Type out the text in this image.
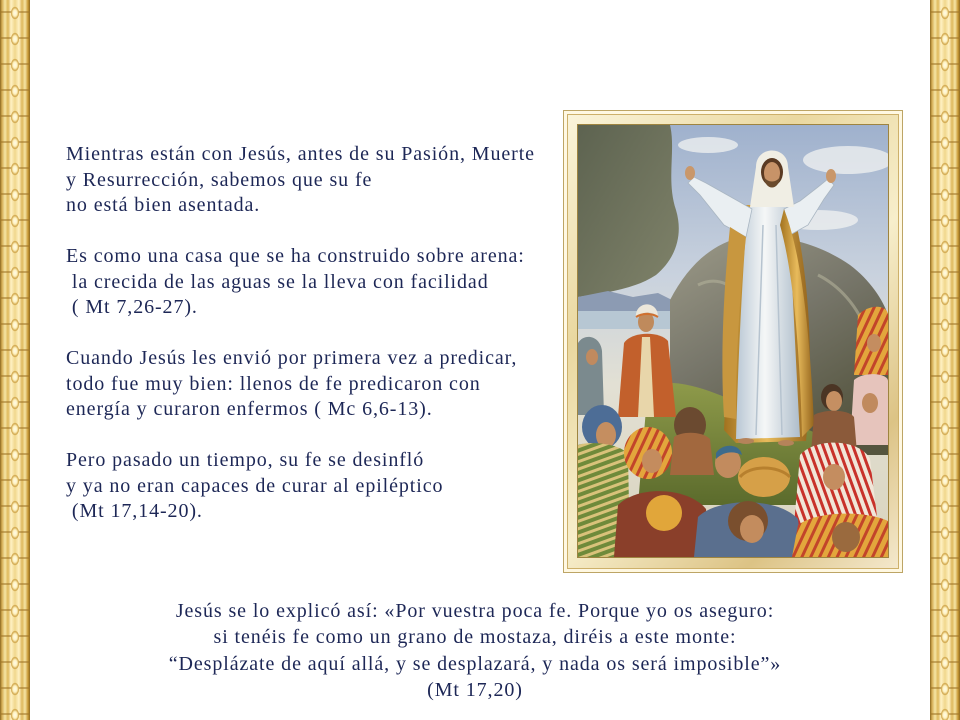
Mientras están con Jesús, antes de su Pasión, Muerte
y Resurrección, sabemos que su fe
no está bien asentada.
Es como una casa que se ha construido sobre arena:
la crecida de las aguas se la lleva con facilidad
( Mt 7,26-27).
Cuando Jesús les envió por primera vez a predicar,
todo fue muy bien: llenos de fe predicaron con
energía y curaron enfermos ( Mc 6,6-13).
Pero pasado un tiempo, su fe se desinfló
y ya no eran capaces de curar al epiléptico
(Mt 17,14-20).
Jesús se lo explicó así: «Por vuestra poca fe. Porque yo os aseguro:
si tenéis fe como un grano de mostaza, diréis a este monte:
“Desplázate de aquí allá, y se desplazará, y nada os será imposible”»
(Mt 17,20)
